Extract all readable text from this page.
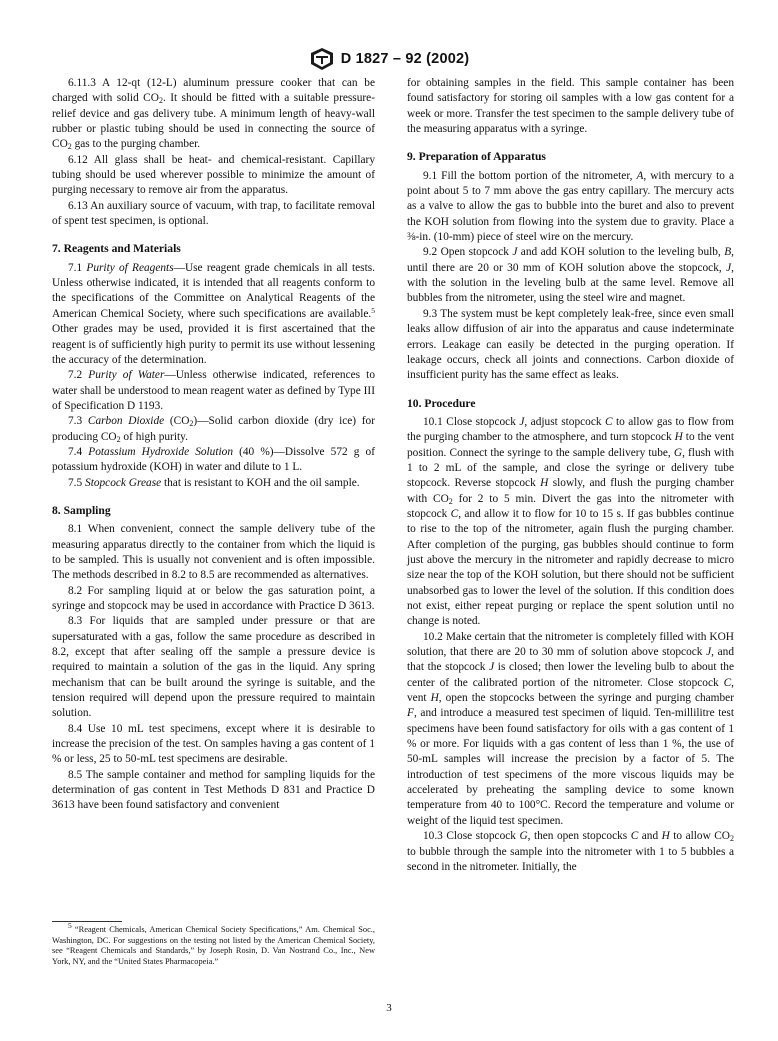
D 1827 – 92 (2002)

6.11.3 A 12-qt (12-L) aluminum pressure cooker that can be charged with solid $CO_2$. It should be fitted with a suitable pressure-relief device and gas delivery tube. A minimum length of heavy-wall rubber or plastic tubing should be used in connecting the source of $CO_2$ gas to the purging chamber.

6.12 All glass shall be heat- and chemical-resistant. Capillary tubing should be used wherever possible to minimize the amount of purging necessary to remove air from the apparatus.

6.13 An auxiliary source of vacuum, with trap, to facilitate removal of spent test specimen, is optional.

7. Reagents and Materials

7.1 Purity of Reagents—Use reagent grade chemicals in all tests. Unless otherwise indicated, it is intended that all reagents conform to the specifications of the Committee on Analytical Reagents of the American Chemical Society, where such specifications are available.$^5$ Other grades may be used, provided it is first ascertained that the reagent is of sufficiently high purity to permit its use without lessening the accuracy of the determination.

7.2 Purity of Water—Unless otherwise indicated, references to water shall be understood to mean reagent water as defined by Type III of Specification D 1193.

7.3 Carbon Dioxide $(CO_2)—Solid$ carbon dioxide (dry ice) for producing $CO_2$ of high purity.

7.4 Potassium Hydroxide Solution (40 %)—Dissolve 572 g of potassium hydroxide (KOH) in water and dilute to 1 L.

7.5 Stopcock Grease that is resistant to KOH and the oil sample.

8. Sampling

8.1 When convenient, connect the sample delivery tube of the measuring apparatus directly to the container from which the liquid is to be sampled. This is usually not convenient and is often impossible. The methods described in 8.2 to 8.5 are recommended as alternatives.

8.2 For sampling liquid at or below the gas saturation point, a syringe and stopcock may be used in accordance with Practice D 3613.

8.3 For liquids that are sampled under pressure or that are supersaturated with a gas, follow the same procedure as described in 8.2, except that after sealing off the sample a pressure device is required to maintain a solution of the gas in the liquid. Any spring mechanism that can be built around the syringe is suitable, and the tension required will depend upon the pressure required to maintain solution.

8.4 Use 10 mL test specimens, except where it is desirable to increase the precision of the test. On samples having a gas content of 1 % or less, 25 to 50-mL test specimens are desirable.

8.5 The sample container and method for sampling liquids for the determination of gas content in Test Methods D 831 and Practice D 3613 have been found satisfactory and convenient

for obtaining samples in the field. This sample container has been found satisfactory for storing oil samples with a low gas content for a week or more. Transfer the test specimen to the sample delivery tube of the measuring apparatus with a syringe.

9. Preparation of Apparatus

9.1 Fill the bottom portion of the nitrometer, A, with mercury to a point about 5 to 7 mm above the gas entry capillary. The mercury acts as a valve to allow the gas to bubble into the buret and also to prevent the KOH solution from flowing into the system due to gravity. Place a ⅜-in. (10-mm) piece of steel wire on the mercury.

9.2 Open stopcock J and add KOH solution to the leveling bulb, B, until there are 20 or 30 mm of KOH solution above the stopcock, J, with the solution in the leveling bulb at the same level. Remove all bubbles from the nitrometer, using the steel wire and magnet.

9.3 The system must be kept completely leak-free, since even small leaks allow diffusion of air into the apparatus and cause indeterminate errors. Leakage can easily be detected in the purging operation. If leakage occurs, check all joints and connections. Carbon dioxide of insufficient purity has the same effect as leaks.

10. Procedure

10.1 Close stopcock J, adjust stopcock C to allow gas to flow from the purging chamber to the atmosphere, and turn stopcock H to the vent position. Connect the syringe to the sample delivery tube, G, flush with 1 to 2 mL of the sample, and close the syringe or delivery tube stopcock. Reverse stopcock H slowly, and flush the purging chamber with $CO_2$ for 2 to 5 min. Divert the gas into the nitrometer with stopcock C, and allow it to flow for 10 to 15 s. If gas bubbles continue to rise to the top of the nitrometer, again flush the purging chamber. After completion of the purging, gas bubbles should continue to form just above the mercury in the nitrometer and rapidly decrease to micro size near the top of the KOH solution, but there should not be sufficient unabsorbed gas to lower the level of the solution. If this condition does not exist, either repeat purging or replace the spent solution until no change is noted.

10.2 Make certain that the nitrometer is completely filled with KOH solution, that there are 20 to 30 mm of solution above stopcock J, and that the stopcock J is closed; then lower the leveling bulb to about the center of the calibrated portion of the nitrometer. Close stopcock C, vent H, open the stopcocks between the syringe and purging chamber F, and introduce a measured test specimen of liquid. Ten-millilitre test specimens have been found satisfactory for oils with a gas content of 1 % or more. For liquids with a gas content of less than 1 %, the use of 50-mL samples will increase the precision by a factor of 5. The introduction of test specimens of the more viscous liquids may be accelerated by preheating the sampling device to some known temperature from 40 to 100°C. Record the temperature and volume or weight of the liquid test specimen.

10.3 Close stopcock G, then open stopcocks C and H to allow $CO_2$ to bubble through the sample into the nitrometer with 1 to 5 bubbles a second in the nitrometer. Initially, the

$^5$ “Reagent Chemicals, American Chemical Society Specifications,” Am. Chemical Soc., Washington, DC. For suggestions on the testing not listed by the American Chemical Society, see “Reagent Chemicals and Standards,” by Joseph Rosin, D. Van Nostrand Co., Inc., New York, NY, and the “United States Pharmacopeia.”
3
